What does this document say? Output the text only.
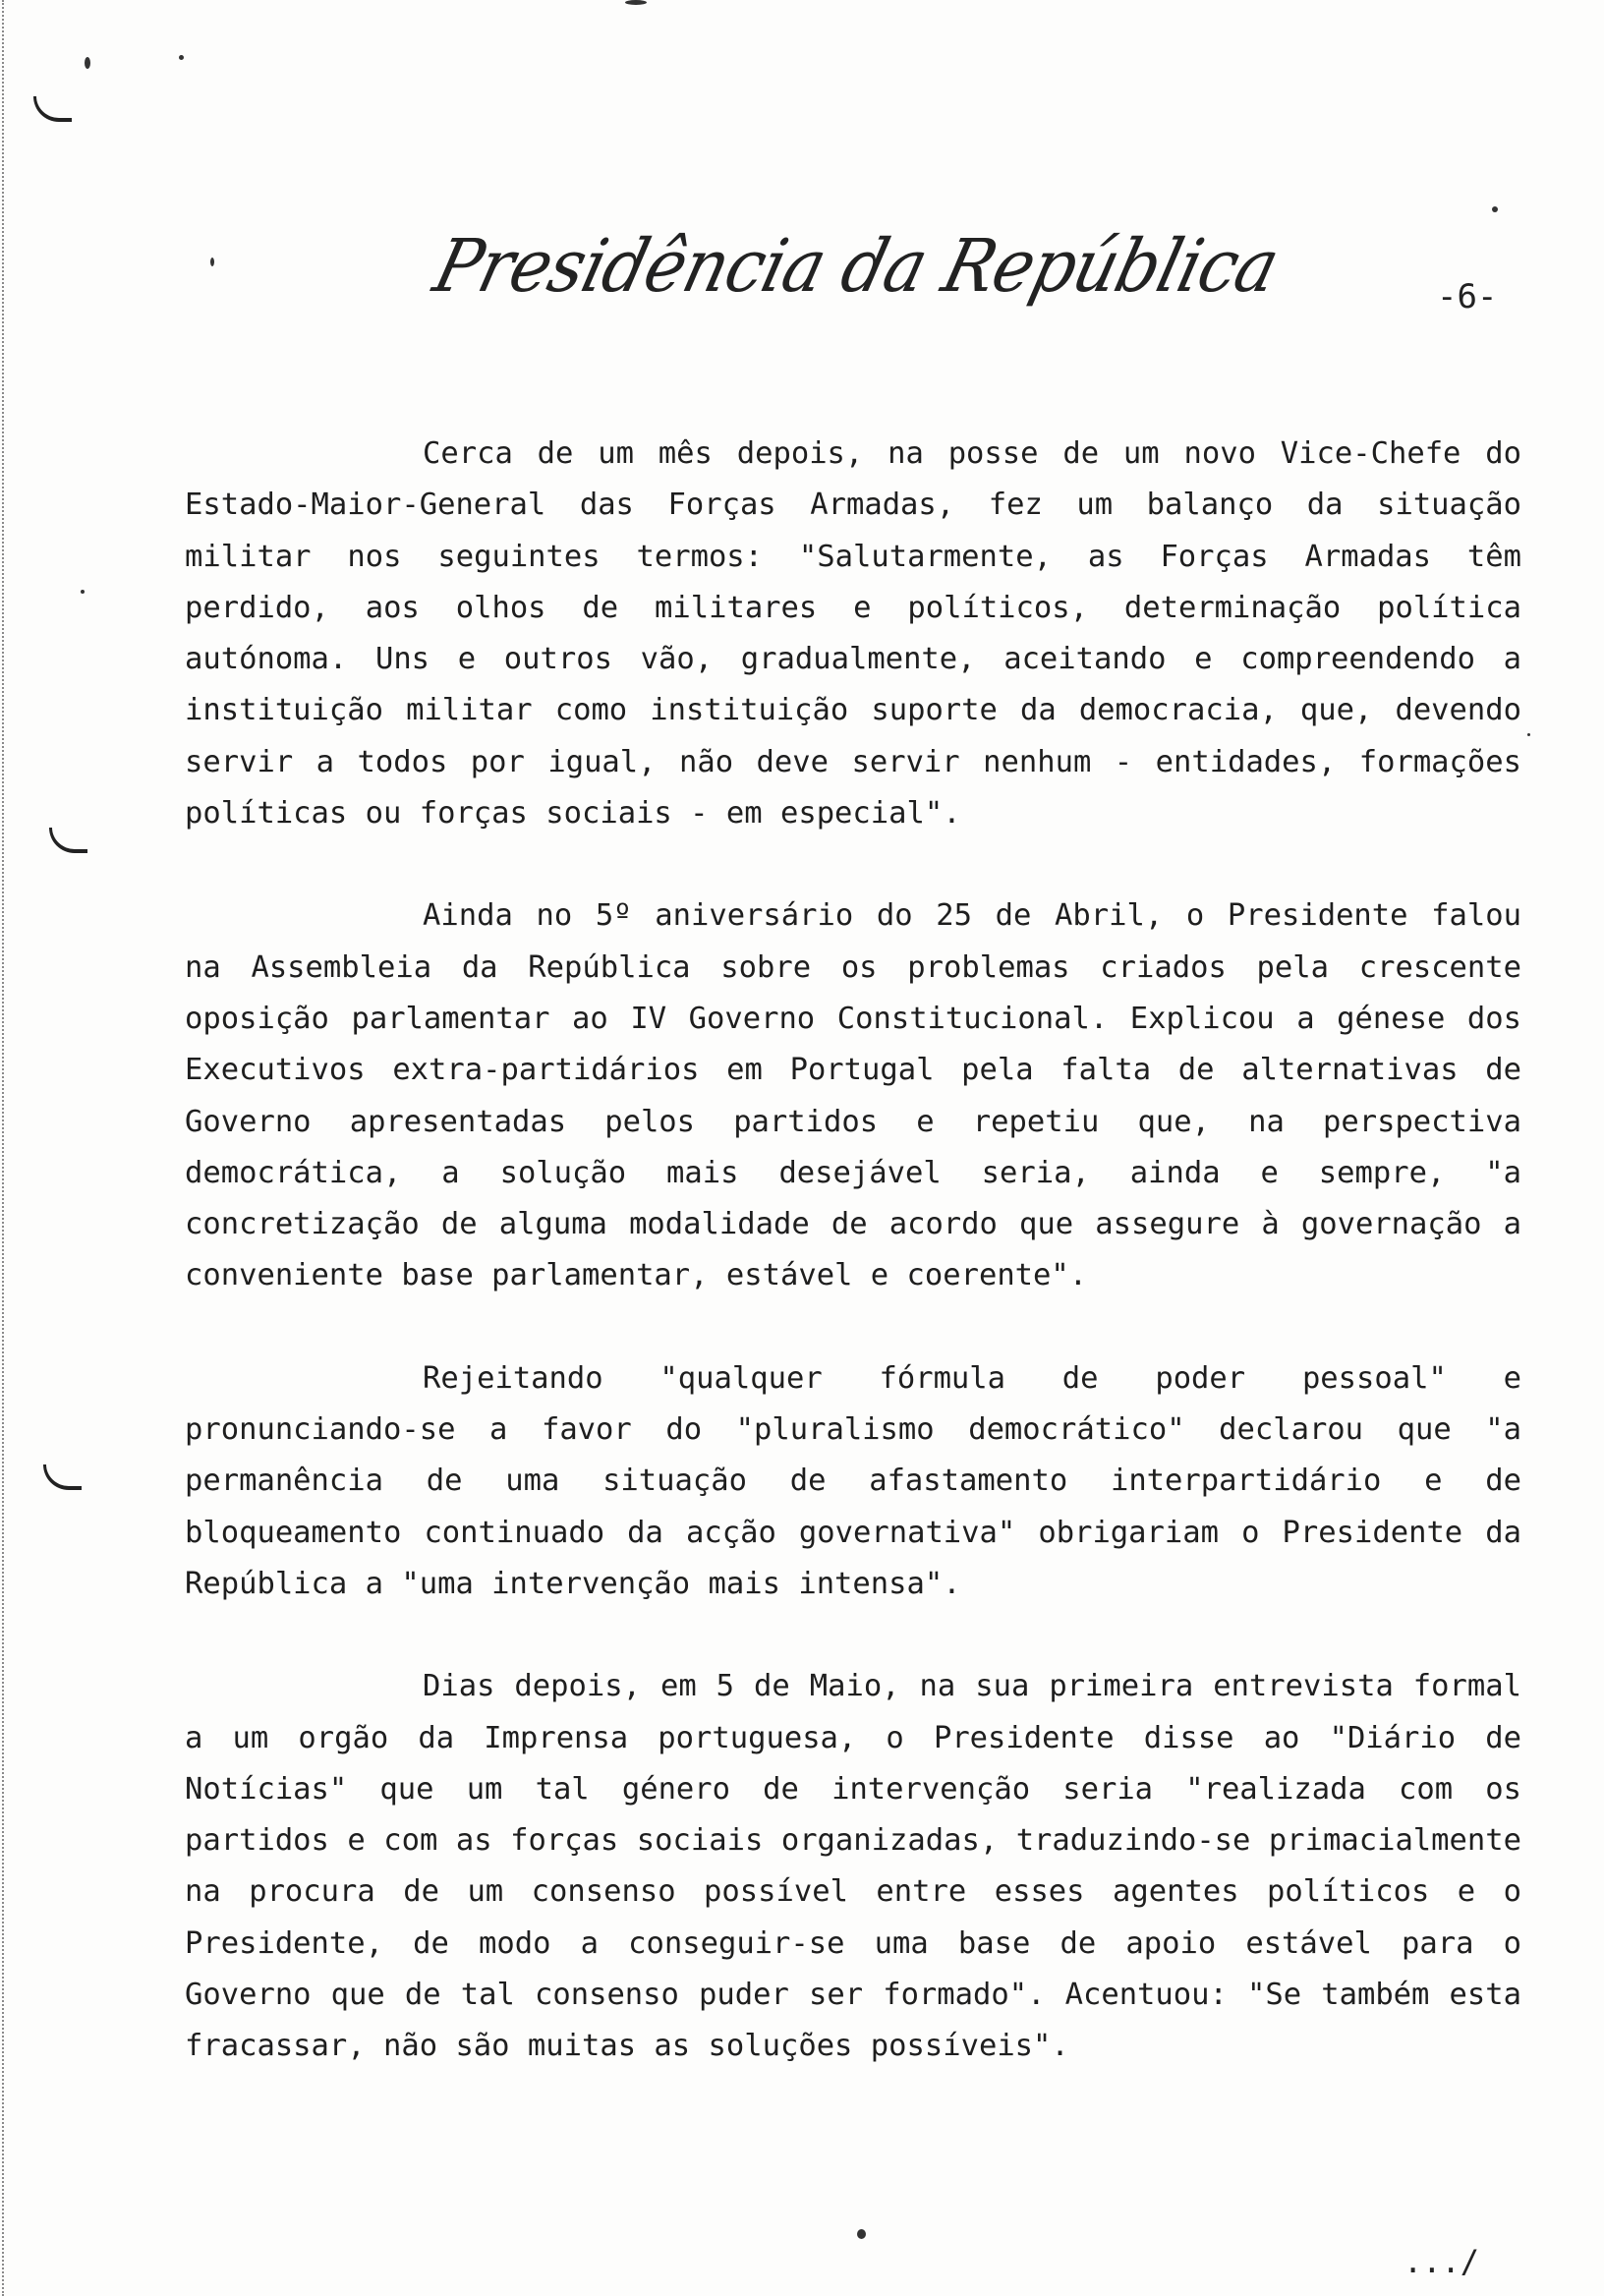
Presidência da República	-6-

Cerca de um mês depois, na posse de um novo Vice-Chefe do Estado-Maior-General das Forças Armadas, fez um balanço da situação militar nos seguintes termos: "Salutarmente, as Forças Armadas têm perdido, aos olhos de militares e políticos, determinação política autónoma. Uns e outros vão, gradualmente, aceitando e compreendendo a instituição militar como instituição suporte da democracia, que, devendo servir a todos por igual, não deve servir nenhum - entidades, formações políticas ou forças sociais - em especial".

Ainda no 5º aniversário do 25 de Abril, o Presidente falou na Assembleia da República sobre os problemas criados pela crescente oposição parlamentar ao IV Governo Constitucional. Explicou a génese dos Executivos extra-partidários em Portugal pela falta de alternativas de Governo apresentadas pelos partidos e repetiu que, na perspectiva democrática, a solução mais desejável seria, ainda e sempre, "a concretização de alguma modalidade de acordo que assegure à governação a conveniente base parlamentar, estável e coerente".

Rejeitando "qualquer fórmula de poder pessoal" e pronunciando-se a favor do "pluralismo democrático" declarou que "a permanência de uma situação de afastamento interpartidário e de bloqueamento continuado da acção governativa" obrigariam o Presidente da República a "uma intervenção mais intensa".

Dias depois, em 5 de Maio, na sua primeira entrevista formal a um orgão da Imprensa portuguesa, o Presidente disse ao "Diário de Notícias" que um tal género de intervenção seria "realizada com os partidos e com as forças sociais organizadas, traduzindo-se primacialmente na procura de um consenso possível entre esses agentes políticos e o Presidente, de modo a conseguir-se uma base de apoio estável para o Governo que de tal consenso puder ser formado". Acentuou: "Se também esta fracassar, não são muitas as soluções possíveis".

.../
